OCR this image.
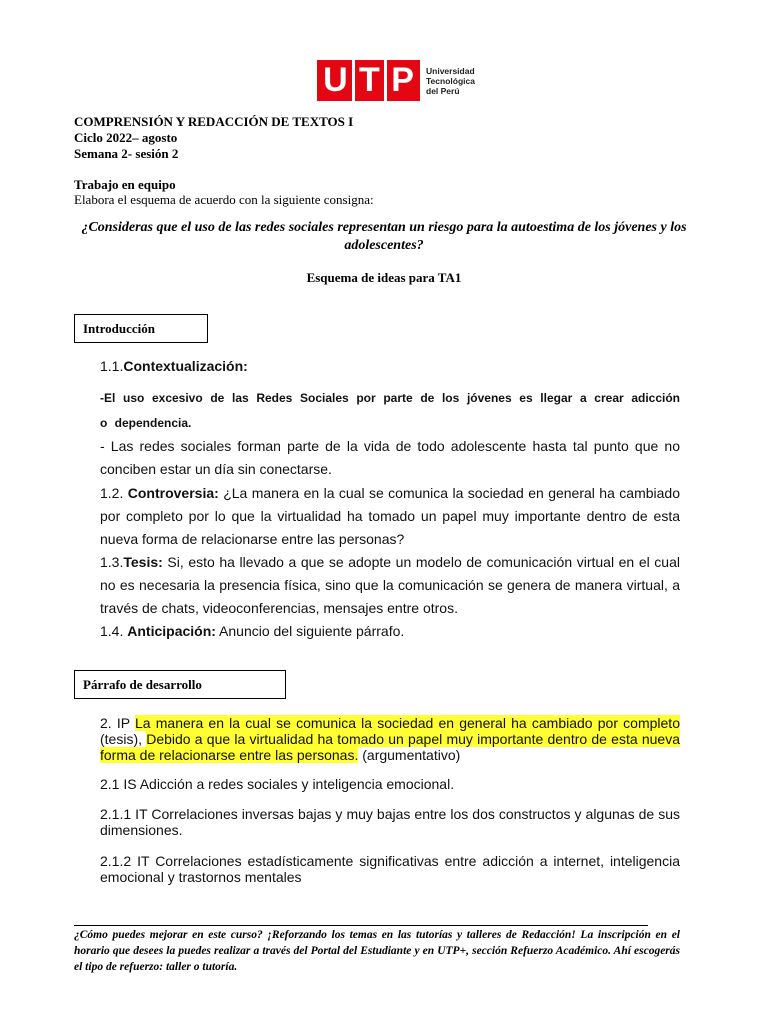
U T P Universidad
Tecnológica
del Perú
COMPRENSIÓN Y REDACCIÓN DE TEXTOS I
Ciclo 2022– agosto
Semana 2- sesión 2
Trabajo en equipo
Elabora el esquema de acuerdo con la siguiente consigna:
¿Consideras que el uso de las redes sociales representan un riesgo para la autoestima de los jóvenes y los adolescentes?
Esquema de ideas para TA1
Introducción
1.1.Contextualización:
-El uso excesivo de las Redes Sociales por parte de los jóvenes es llegar a crear adicción o dependencia.
- Las redes sociales forman parte de la vida de todo adolescente hasta tal punto que no conciben estar un día sin conectarse.
1.2. Controversia: ¿La manera en la cual se comunica la sociedad en general ha cambiado por completo por lo que la virtualidad ha tomado un papel muy importante dentro de esta nueva forma de relacionarse entre las personas?
1.3.Tesis: Si, esto ha llevado a que se adopte un modelo de comunicación virtual en el cual no es necesaria la presencia física, sino que la comunicación se genera de manera virtual, a través de chats, videoconferencias, mensajes entre otros.
1.4. Anticipación: Anuncio del siguiente párrafo.
Párrafo de desarrollo
2. IP La manera en la cual se comunica la sociedad en general ha cambiado por completo (tesis), Debido a que la virtualidad ha tomado un papel muy importante dentro de esta nueva forma de relacionarse entre las personas. (argumentativo)
2.1 IS Adicción a redes sociales y inteligencia emocional.
2.1.1 IT Correlaciones inversas bajas y muy bajas entre los dos constructos y algunas de sus dimensiones.
2.1.2 IT Correlaciones estadísticamente significativas entre adicción a internet, inteligencia emocional y trastornos mentales
¿Cómo puedes mejorar en este curso? ¡Reforzando los temas en las tutorías y talleres de Redacción! La inscripción en el horario que desees la puedes realizar a través del Portal del Estudiante y en UTP+, sección Refuerzo Académico. Ahí escogerás el tipo de refuerzo: taller o tutoría.
